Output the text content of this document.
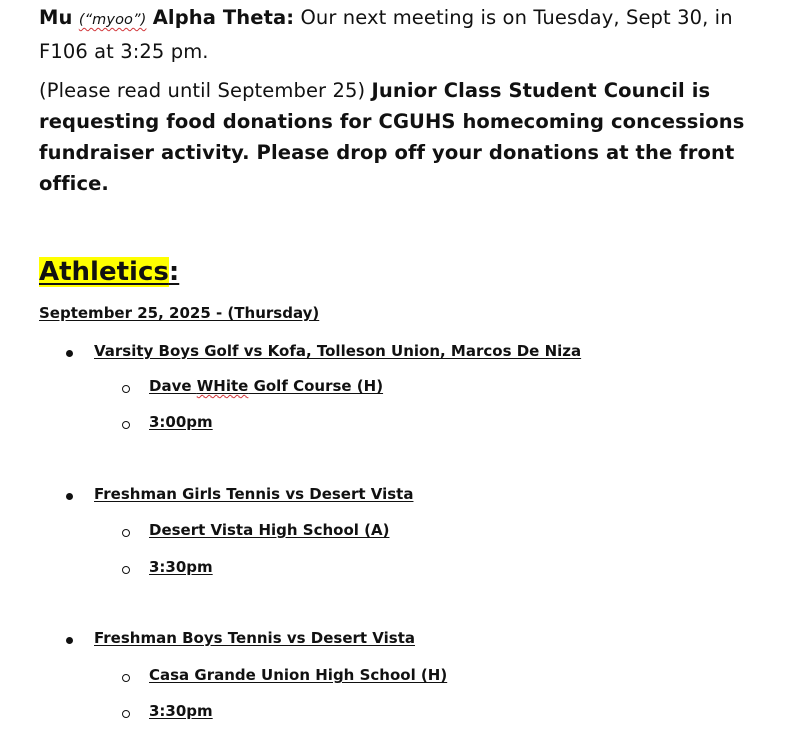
Mu (“myoo”) Alpha Theta: Our next meeting is on Tuesday, Sept 30, in F106 at 3:25 pm.
(Please read until September 25) Junior Class Student Council is requesting food donations for CGUHS homecoming concessions fundraiser activity. Please drop off your donations at the front office.
Athletics:
September 25, 2025 - (Thursday)
Varsity Boys Golf vs Kofa, Tolleson Union, Marcos De Niza
Dave WHite Golf Course (H)
3:00pm
Freshman Girls Tennis vs Desert Vista
Desert Vista High School (A)
3:30pm
Freshman Boys Tennis vs Desert Vista
Casa Grande Union High School (H)
3:30pm
